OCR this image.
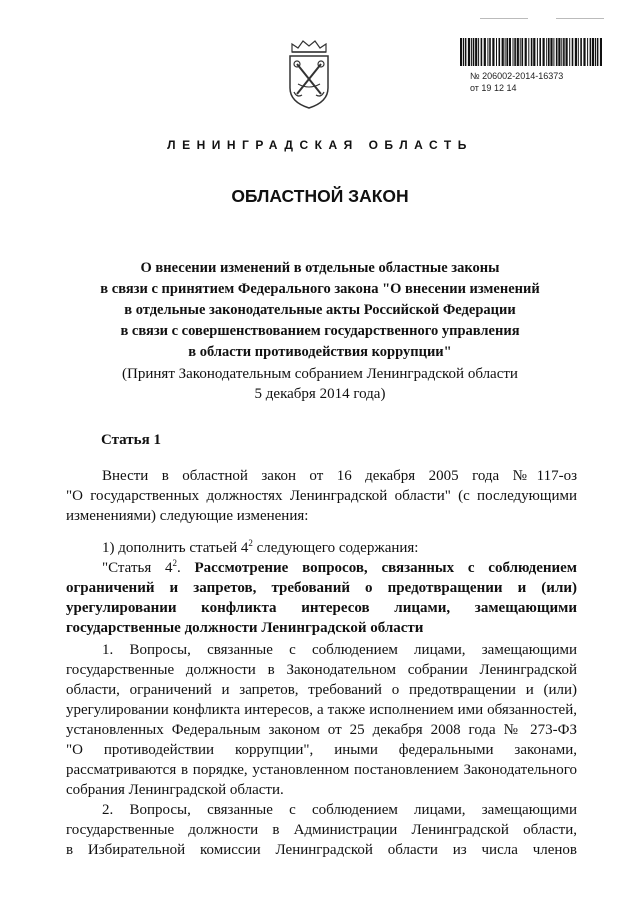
№ 206002-2014-16373
от 19 12 14
ЛЕНИНГРАДСКАЯ ОБЛАСТЬ
ОБЛАСТНОЙ ЗАКОН
О внесении изменений в отдельные областные законы
в связи с принятием Федерального закона "О внесении изменений
в отдельные законодательные акты Российской Федерации
в связи с совершенствованием государственного управления
в области противодействия коррупции"
(Принят Законодательным собранием Ленинградской области
5 декабря 2014 года)
Статья 1
Внести в областной закон от 16 декабря 2005 года №117-оз
"О государственных должностях Ленинградской области" (с последующими
изменениями) следующие изменения:
1) дополнить статьей $4^2$ следующего содержания:
"Статья $4^2$. Рассмотрение вопросов, связанных с соблюдением
ограничений и запретов, требований о предотвращении и (или)
урегулировании конфликта интересов лицами, замещающими
государственные должности Ленинградской области
1. Вопросы, связанные с соблюдением лицами, замещающими
государственные должности в Законодательном собрании Ленинградской
области, ограничений и запретов, требований о предотвращении и (или)
урегулировании конфликта интересов, а также исполнением ими обязанностей,
установленных Федеральным законом от 25 декабря 2008 года № 273-ФЗ
"О противодействии коррупции", иными федеральными законами,
рассматриваются в порядке, установленном постановлением Законодательного
собрания Ленинградской области.
2. Вопросы, связанные с соблюдением лицами, замещающими
государственные должности в Администрации Ленинградской области,
в Избирательной комиссии Ленинградской области из числа членов
